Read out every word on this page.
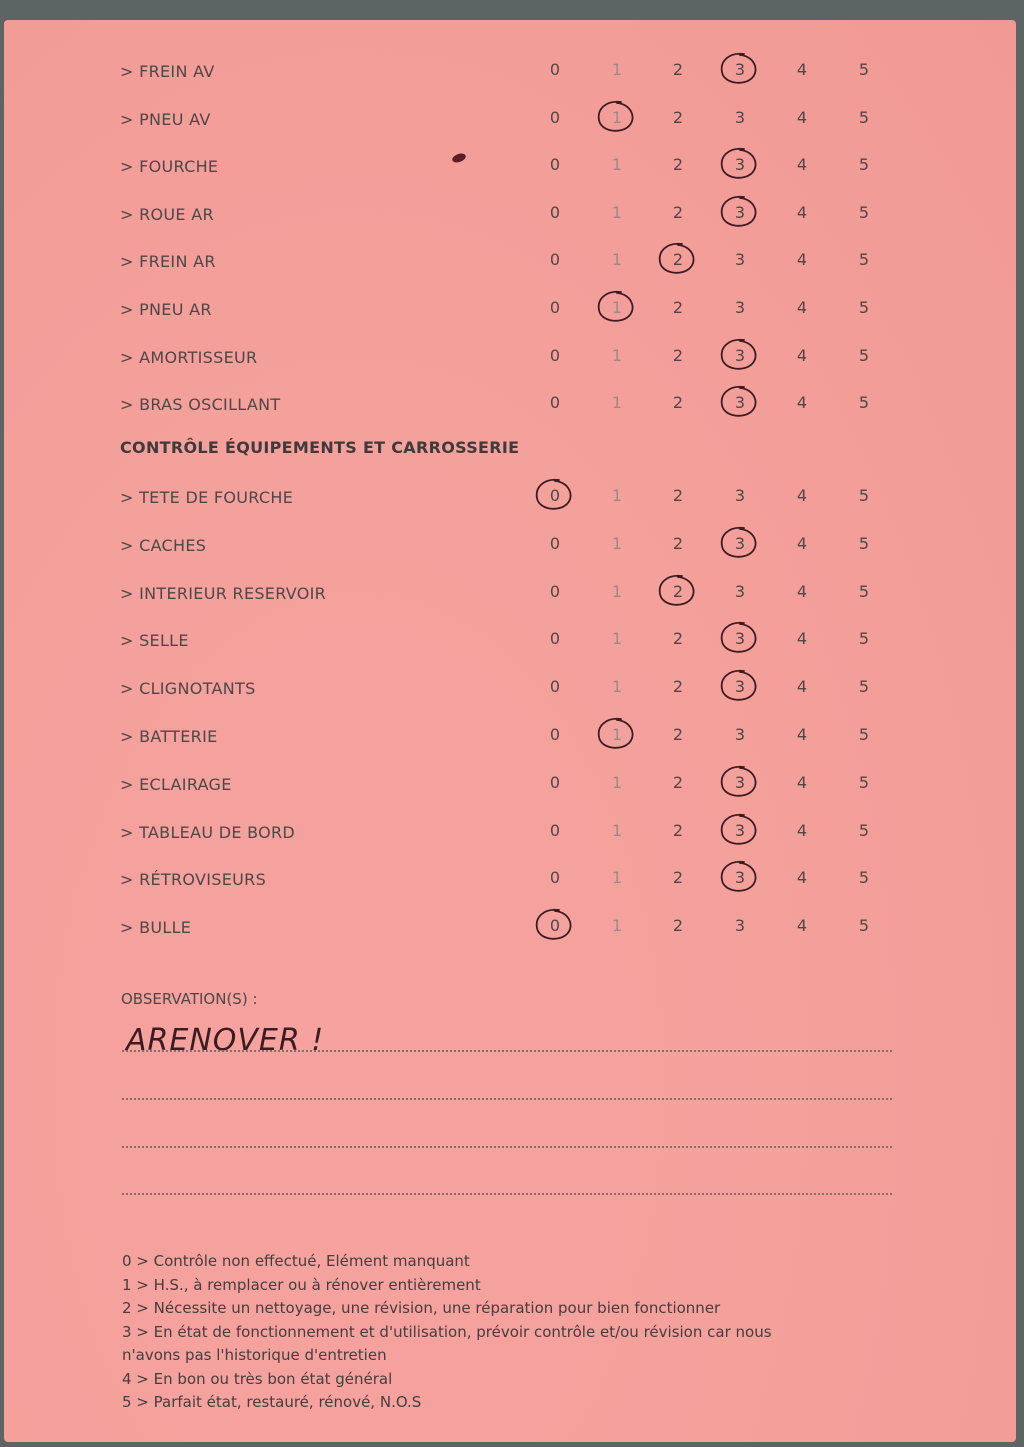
> FREIN AV	0	1	2	3	4	5
> PNEU AV	0	1	2	3	4	5
> FOURCHE	0	1	2	3	4	5
> ROUE AR	0	1	2	3	4	5
> FREIN AR	0	1	2	3	4	5
> PNEU AR	0	1	2	3	4	5
> AMORTISSEUR	0	1	2	3	4	5
> BRAS OSCILLANT	0	1	2	3	4	5
CONTRÔLE ÉQUIPEMENTS ET CARROSSERIE
> TETE DE FOURCHE	0	1	2	3	4	5
> CACHES	0	1	2	3	4	5
> INTERIEUR RESERVOIR	0	1	2	3	4	5
> SELLE	0	1	2	3	4	5
> CLIGNOTANTS	0	1	2	3	4	5
> BATTERIE	0	1	2	3	4	5
> ECLAIRAGE	0	1	2	3	4	5
> TABLEAU DE BORD	0	1	2	3	4	5
> RÉTROVISEURS	0	1	2	3	4	5
> BULLE	0	1	2	3	4	5
OBSERVATION(S) :
ARENOVER !
0 > Contrôle non effectué, Elément manquant
1 > H.S., à remplacer ou à rénover entièrement
2 > Nécessite un nettoyage, une révision, une réparation pour bien fonctionner
3 > En état de fonctionnement et d'utilisation, prévoir contrôle et/ou révision car nous
n'avons pas l'historique d'entretien
4 > En bon ou très bon état général
5 > Parfait état, restauré, rénové, N.O.S
